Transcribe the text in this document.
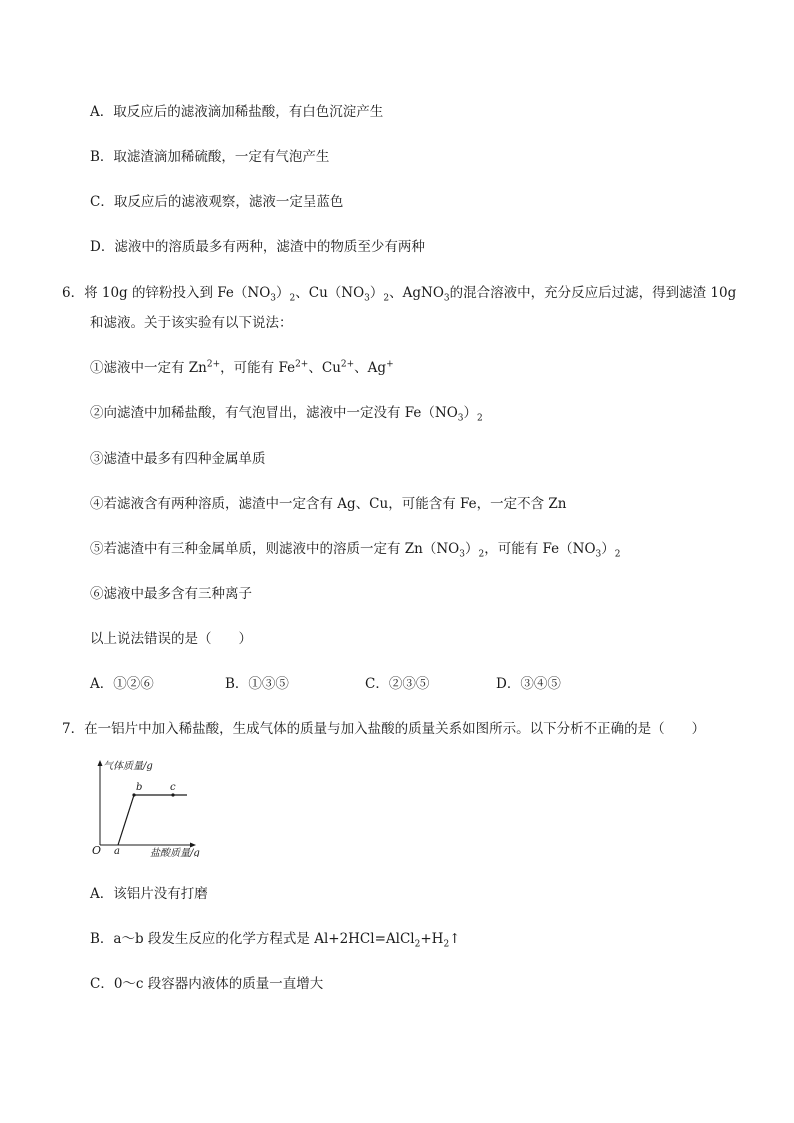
A．取反应后的滤液滴加稀盐酸，有白色沉淀产生
B．取滤渣滴加稀硫酸，一定有气泡产生
C．取反应后的滤液观察，滤液一定呈蓝色
D．滤液中的溶质最多有两种，滤渣中的物质至少有两种
6．将 10g 的锌粉投入到 $Fe(NO_3)_2$、$Cu(NO_3)_2$、AgNO$_3$的混合溶液中，充分反应后过滤，得到滤渣 10g
和滤液。关于该实验有以下说法：
①滤液中一定有 $Zn^{2+}$，可能有 $Fe^{2+}$、$Cu^{2+}$、Ag+
②向滤渣中加稀盐酸，有气泡冒出，滤液中一定没有 $Fe(NO_3)_2$
③滤渣中最多有四种金属单质
④若滤液含有两种溶质，滤渣中一定含有 Ag、Cu，可能含有 Fe，一定不含 Zn
⑤若滤渣中有三种金属单质，则滤液中的溶质一定有 $Zn(NO_3)_2$，可能有 $Fe(NO_3)_2$
⑥滤液中最多含有三种离子
以上说法错误的是（　　）
A．①②⑥	B．①③⑤	C．②③⑤	D．③④⑤
7．在一铝片中加入稀盐酸，生成气体的质量与加入盐酸的质量关系如图所示。以下分析不正确的是（　　）
气体质量/g
O a
b	c
盐酸质量/g
A．该铝片没有打磨
B．a～b 段发生反应的化学方程式是 $Al+2HCl=AlCl_2+H_2↑$
C．0～c 段容器内液体的质量一直增大
